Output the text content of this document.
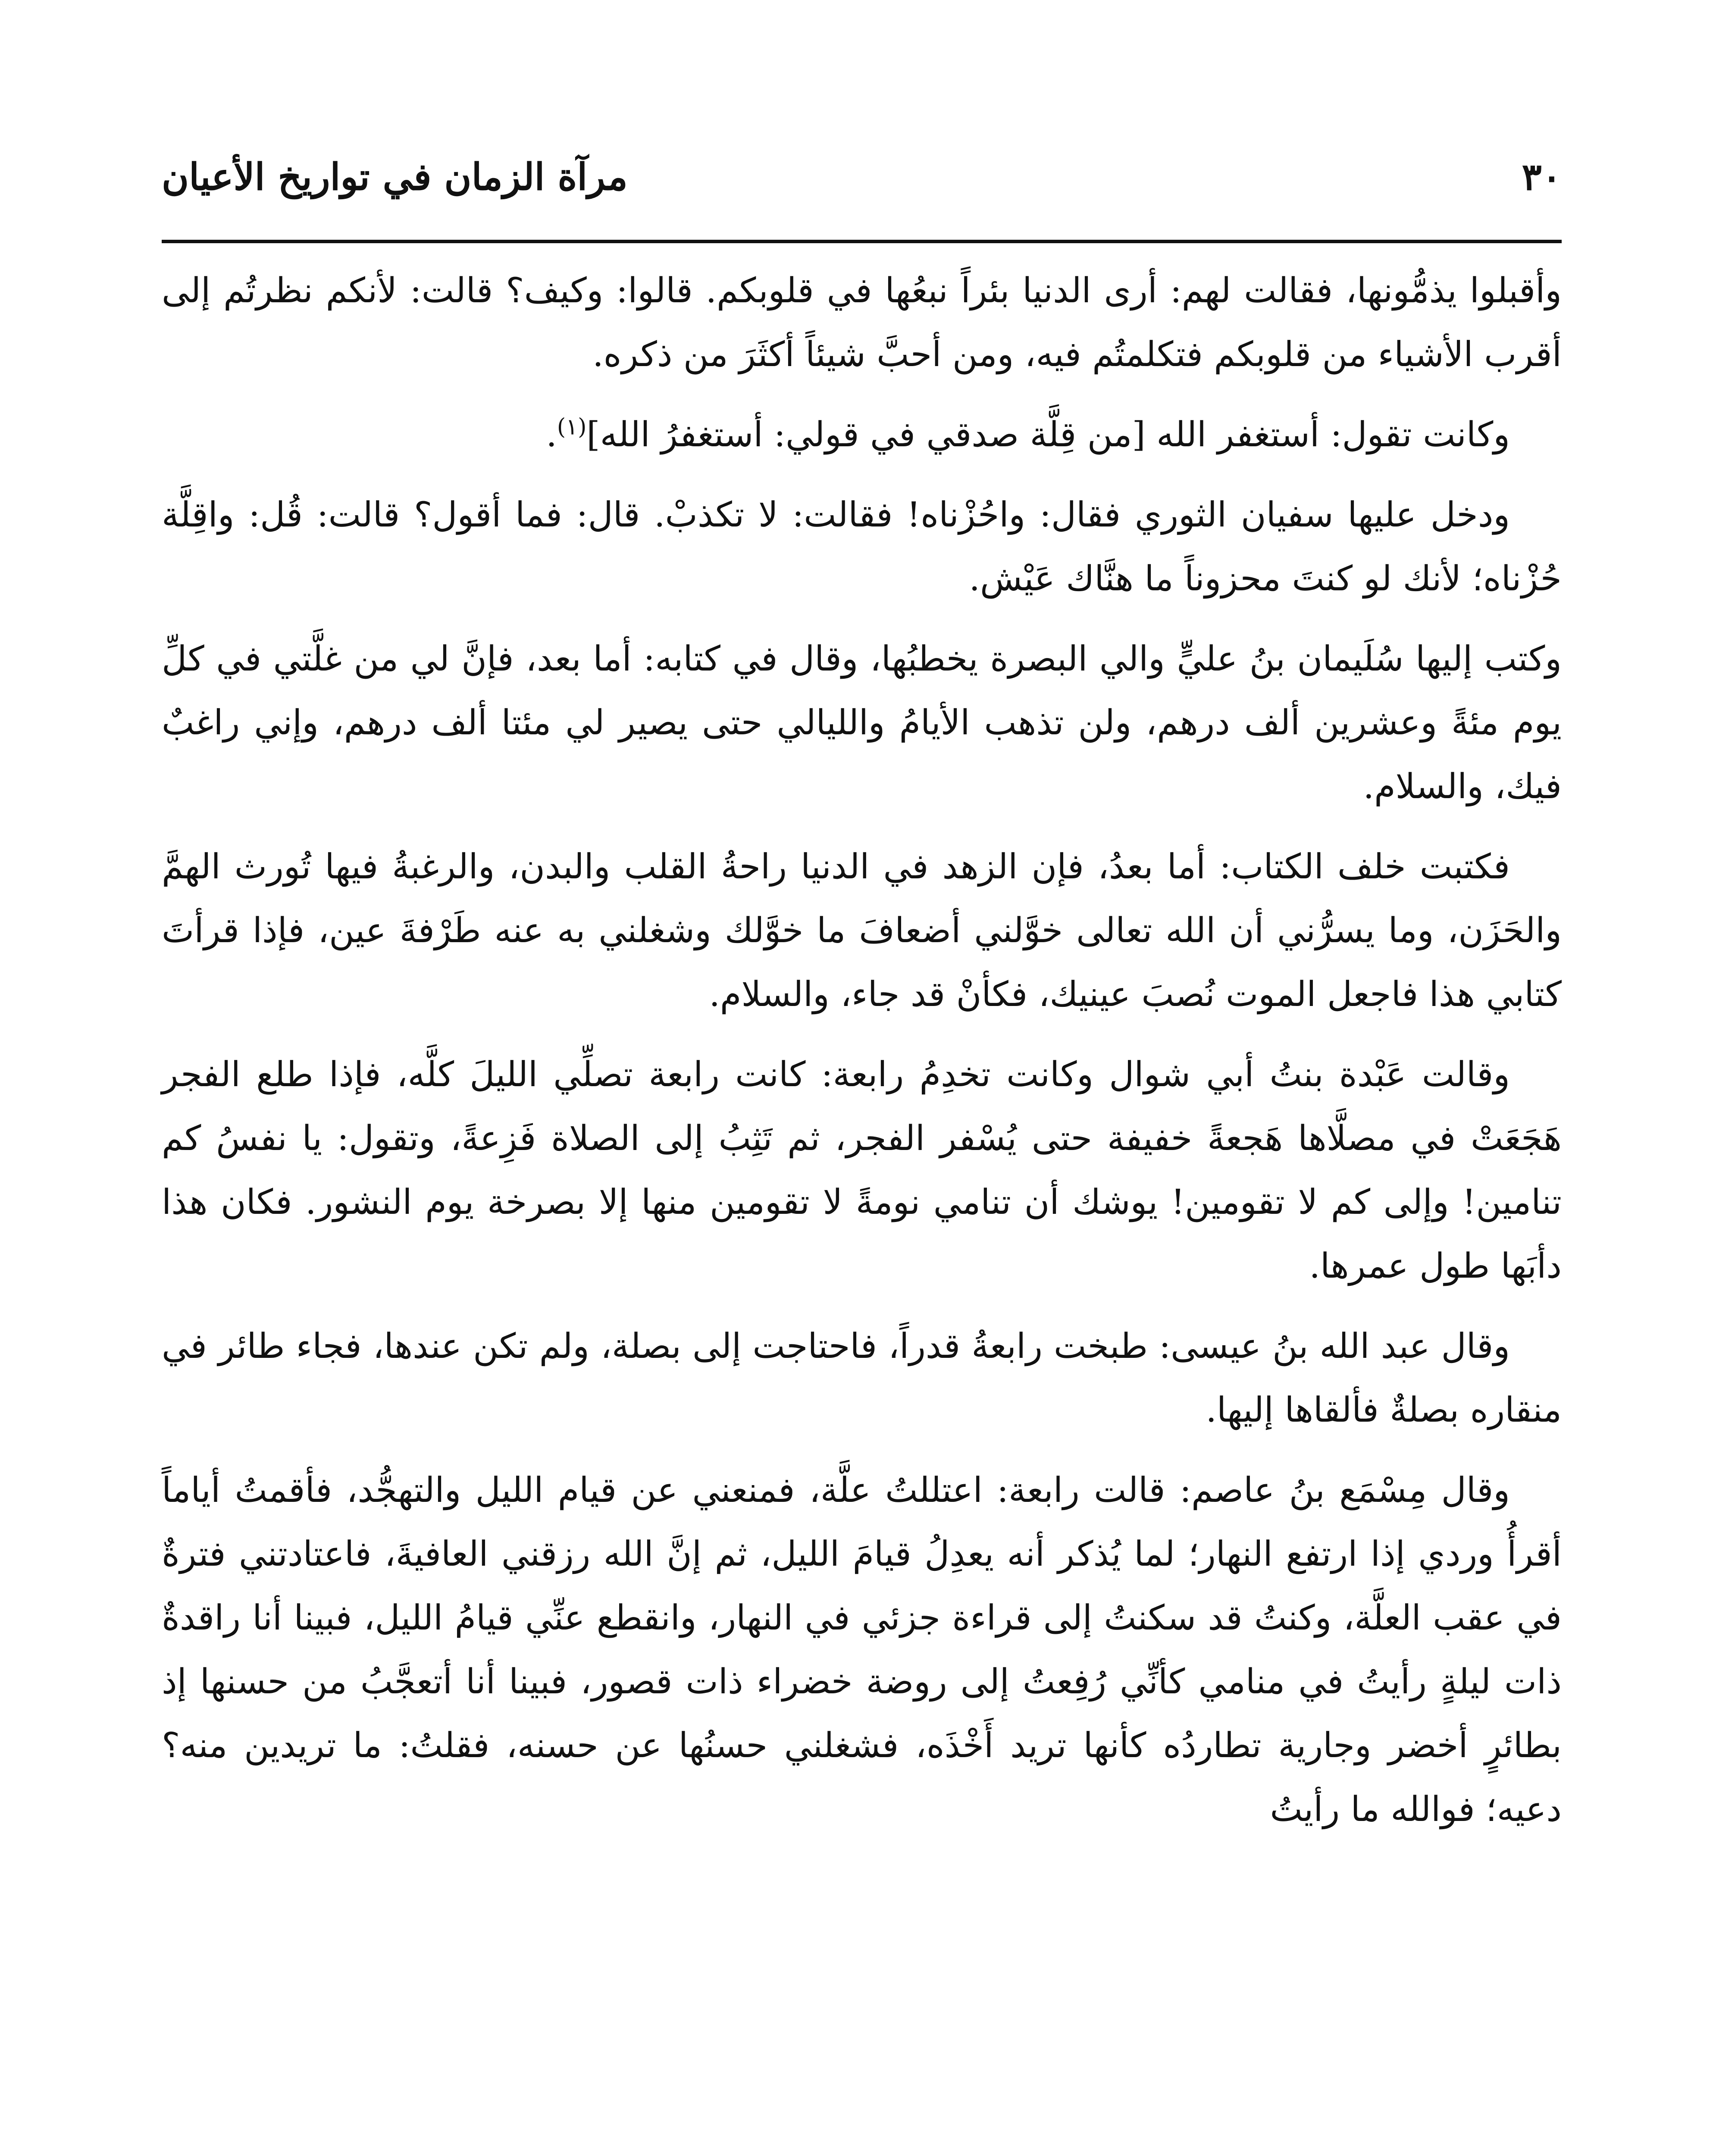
٣٠
مرآة الزمان في تواريخ الأعيان

وأقبلوا يذمُّونها، فقالت لهم: أرى الدنيا بئراً نبعُها في قلوبكم. قالوا: وكيف؟ قالت: لأنكم نظرتُم إلى أقرب الأشياء من قلوبكم فتكلمتُم فيه، ومن أحبَّ شيئاً أكثَرَ من ذكره.

وكانت تقول: أستغفر الله [من قِلَّة صدقي في قولي: أستغفرُ الله]$^{(١)}$.

ودخل عليها سفيان الثوري فقال: واحُزْناه! فقالت: لا تكذبْ. قال: فما أقول؟ قالت: قُل: واقِلَّة حُزْناه؛ لأنك لو كنتَ محزوناً ما هنَّاك عَيْش.

وكتب إليها سُلَيمان بنُ عليٍّ والي البصرة يخطبُها، وقال في كتابه: أما بعد، فإنَّ لي من غلَّتي في كلِّ يوم مئةً وعشرين ألف درهم، ولن تذهب الأيامُ والليالي حتى يصير لي مئتا ألف درهم، وإني راغبٌ فيك، والسلام.

فكتبت خلف الكتاب: أما بعدُ، فإن الزهد في الدنيا راحةُ القلب والبدن، والرغبةُ فيها تُورث الهمَّ والحَزَن، وما يسرُّني أن الله تعالى خوَّلني أضعافَ ما خوَّلك وشغلني به عنه طَرْفةَ عين، فإذا قرأتَ كتابي هذا فاجعل الموت نُصبَ عينيك، فكأنْ قد جاء، والسلام.

وقالت عَبْدة بنتُ أبي شوال وكانت تخدِمُ رابعة: كانت رابعة تصلِّي الليلَ كلَّه، فإذا طلع الفجر هَجَعَتْ في مصلَّاها هَجعةً خفيفة حتى يُسْفر الفجر، ثم تَثِبُ إلى الصلاة فَزِعةً، وتقول: يا نفسُ كم تنامين! وإلى كم لا تقومين! يوشك أن تنامي نومةً لا تقومين منها إلا بصرخة يوم النشور. فكان هذا دأبَها طول عمرها.

وقال عبد الله بنُ عيسى: طبخت رابعةُ قدراً، فاحتاجت إلى بصلة، ولم تكن عندها، فجاء طائر في منقاره بصلةٌ فألقاها إليها.

وقال مِسْمَع بنُ عاصم: قالت رابعة: اعتللتُ علَّة، فمنعني عن قيام الليل والتهجُّد، فأقمتُ أياماً أقرأُ وردي إذا ارتفع النهار؛ لما يُذكر أنه يعدِلُ قيامَ الليل، ثم إنَّ الله رزقني العافيةَ، فاعتادتني فترةٌ في عقب العلَّة، وكنتُ قد سكنتُ إلى قراءة جزئي في النهار، وانقطع عنِّي قيامُ الليل، فبينا أنا راقدةٌ ذات ليلةٍ رأيتُ في منامي كأنِّي رُفِعتُ إلى روضة خضراء ذات قصور، فبينا أنا أتعجَّبُ من حسنها إذ بطائرٍ أخضر وجارية تطاردُه كأنها تريد أَخْذَه، فشغلني حسنُها عن حسنه، فقلتُ: ما تريدين منه؟ دعيه؛ فوالله ما رأيتُ
